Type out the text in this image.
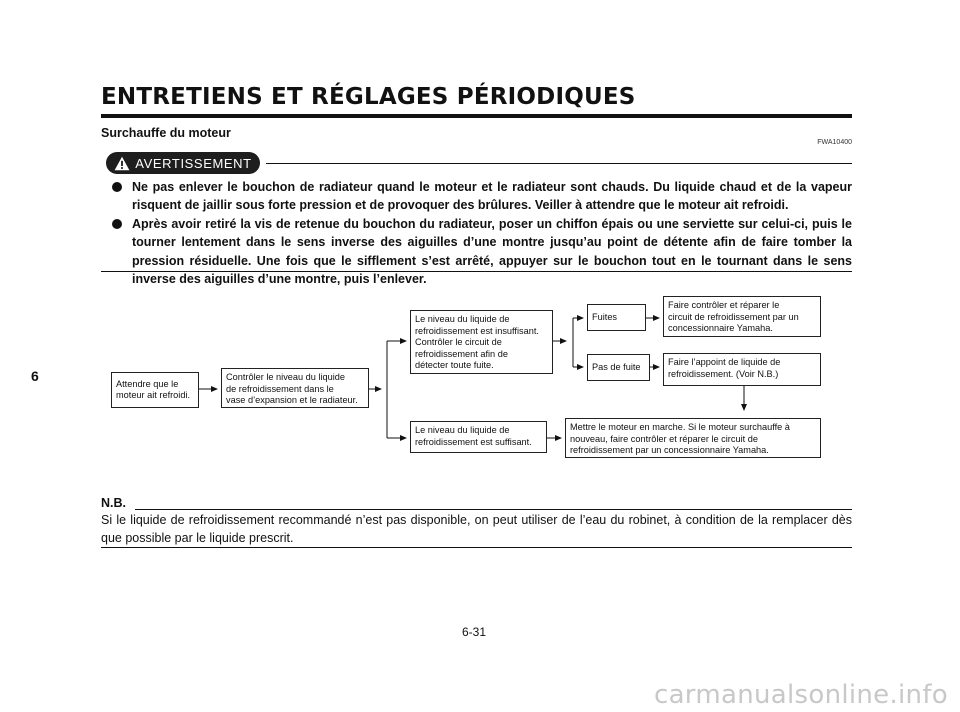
ENTRETIENS ET RÉGLAGES PÉRIODIQUES
Surchauffe du moteur
FWA10400
AVERTISSEMENT
Ne pas enlever le bouchon de radiateur quand le moteur et le radiateur sont chauds. Du liquide chaud et de la vapeur risquent de jaillir sous forte pression et de provoquer des brûlures. Veiller à attendre que le moteur ait refroidi.
Après avoir retiré la vis de retenue du bouchon du radiateur, poser un chiffon épais ou une serviette sur celui-ci, puis le tourner lentement dans le sens inverse des aiguilles d’une montre jusqu’au point de détente afin de faire tomber la pression résiduelle. Une fois que le sifflement s’est arrêté, appuyer sur le bouchon tout en le tournant dans le sens inverse des aiguilles d’une montre, puis l’enlever.
Attendre que le
moteur ait refroidi.
Contrôler le niveau du liquide
de refroidissement dans le
vase d’expansion et le radiateur.
Le niveau du liquide de
refroidissement est insuffisant.
Contrôler le circuit de
refroidissement afin de
détecter toute fuite.
Le niveau du liquide de
refroidissement est suffisant.
Fuites
Pas de fuite
Faire contrôler et réparer le
circuit de refroidissement par un
concessionnaire Yamaha.
Faire l’appoint de liquide de
refroidissement. (Voir N.B.)
Mettre le moteur en marche. Si le moteur surchauffe à
nouveau, faire contrôler et réparer le circuit de
refroidissement par un concessionnaire Yamaha.
N.B.
Si le liquide de refroidissement recommandé n’est pas disponible, on peut utiliser de l’eau du robinet, à condition de la remplacer dès que possible par le liquide prescrit.
6
6-31
carmanualsonline.info
